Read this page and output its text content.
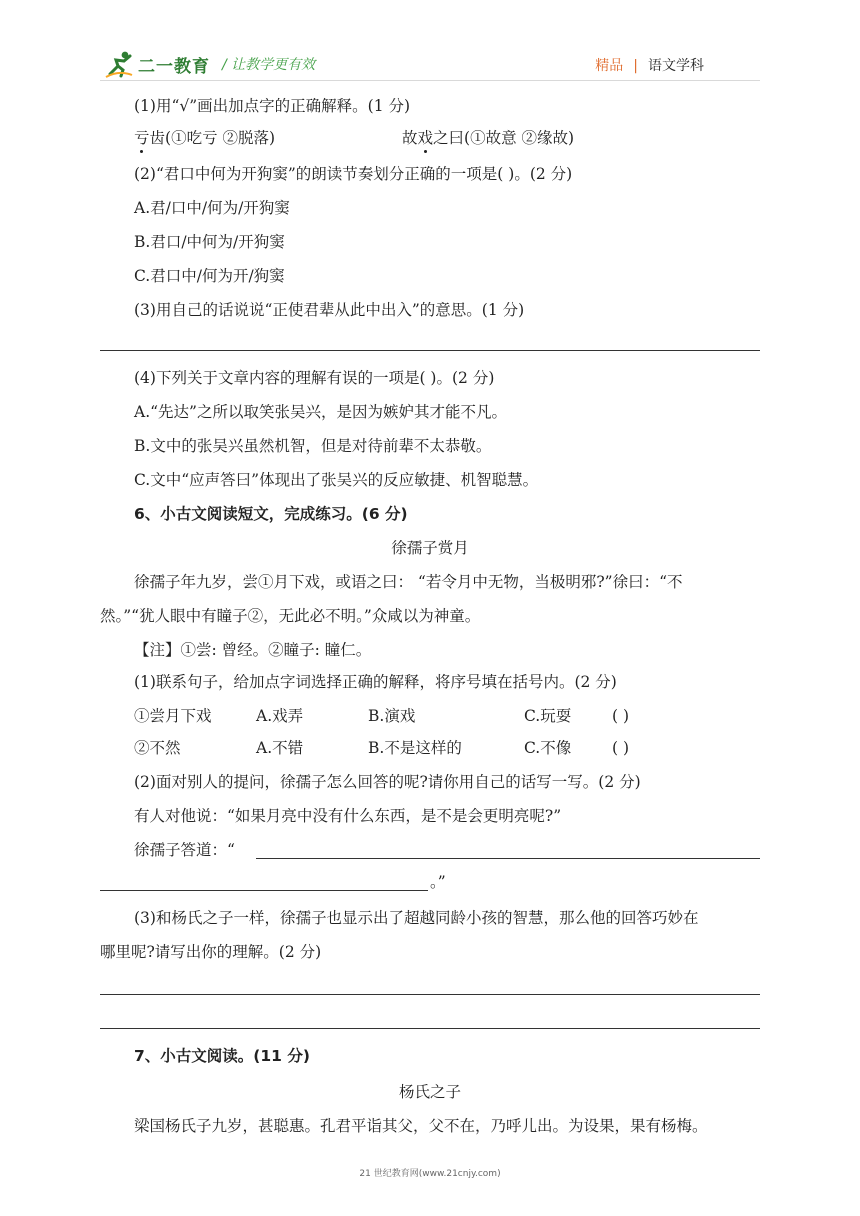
二一教育 / 让教学更有效	精品 | 语文学科
(1)用“√”画出加点字的正确解释。(1 分)
亏齿(①吃亏 ②脱落)	故戏之曰(①故意 ②缘故)
(2)“君口中何为开狗窦”的朗读节奏划分正确的一项是( )。(2 分)
A.君/口中/何为/开狗窦
B.君口/中何为/开狗窦
C.君口中/何为开/狗窦
(3)用自己的话说说“正使君辈从此中出入”的意思。(1 分)
(4)下列关于文章内容的理解有误的一项是( )。(2 分)
A.“先达”之所以取笑张吴兴，是因为嫉妒其才能不凡。
B.文中的张吴兴虽然机智，但是对待前辈不太恭敬。
C.文中“应声答曰”体现出了张吴兴的反应敏捷、机智聪慧。
6、小古文阅读短文，完成练习。(6 分)
徐孺子赏月
徐孺子年九岁，尝①月下戏，或语之曰： “若令月中无物，当极明邪?”徐曰：“不
然。”“犹人眼中有瞳子②，无此必不明。”众咸以为神童。
【注】①尝: 曾经。②瞳子: 瞳仁。
(1)联系句子，给加点字词选择正确的解释，将序号填在括号内。(2 分)
①尝月下戏	A.戏弄	B.演戏	C.玩耍	( )
②不然	A.不错	B.不是这样的	C.不像	( )
(2)面对别人的提问，徐孺子怎么回答的呢?请你用自己的话写一写。(2 分)
有人对他说：“如果月亮中没有什么东西，是不是会更明亮呢?”
徐孺子答道：“
。”
(3)和杨氏之子一样，徐孺子也显示出了超越同龄小孩的智慧，那么他的回答巧妙在
哪里呢?请写出你的理解。(2 分)
7、小古文阅读。(11 分)
杨氏之子
梁国杨氏子九岁，甚聪惠。孔君平诣其父，父不在，乃呼儿出。为设果，果有杨梅。
21 世纪教育网(www.21cnjy.com)
